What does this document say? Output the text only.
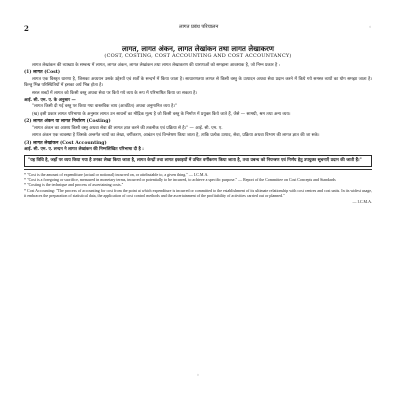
2	लागत प्रबंध परिचालन	◦
लागत, लागत अंकन, लागत लेखांकन तथा लागत लेखाकरण
(COST, COSTING, COST ACCOUNTING AND COST ACCOUNTANCY)

लागत लेखांकन की व्याख्या के सम्बन्ध में लागत, लागत अंकन, लागत लेखांकन तथा लागत लेखाकरण की धारणाओं को समझना आवश्यक है, जो निम्न प्रकार है :

(1) लागत (Cost)

लागत एक विस्तृत धारणा है, जिसका अध्ययन उसके उद्देश्यों एवं शर्तों के सन्दर्भ में किया जाता है। साधारणतया लागत से किसी वस्तु के उत्पादन अथवा सेवा प्रदान करने में किये गये समस्त व्ययों का योग समझा जाता है। किन्तु भिन्न परिस्थितियों में इसका अर्थ भिन्न होता है।

सरल शब्दों में लागत को किसी वस्तु अथवा सेवा पर किये गये व्यय के रूप में परिभाषित किया जा सकता है।

आई. सी. एम. ए. के अनुसार —

"लागत किसी दी गई वस्तु पर किया गया वास्तविक व्यय (आवंटित) अथवा अनुमानित व्यय है।"

(ख) इसी प्रकार लागत परिभाषा के अनुसार लागत उन साधनों का मौद्रिक मूल्य है जो किसी वस्तु के निर्माण में प्रयुक्त किये जाते हैं, जैसे — सामग्री, श्रम तथा अन्य व्यय।

(2) लागत अंकन या लागत निर्धारण (Costing)

"लागत अंकन का आशय किसी वस्तु अथवा सेवा की लागत ज्ञात करने की तकनीक एवं प्रक्रिया से है।" — आई. सी. एम. ए.

लागत अंकन एक व्यवस्था है जिसके अन्तर्गत व्ययों का लेखा, वर्गीकरण, आबंटन एवं विश्लेषण किया जाता है, ताकि प्रत्येक उत्पाद, सेवा, प्रक्रिया अथवा विभाग की लागत ज्ञात की जा सके।

(3) लागत लेखांकन (Cost Accounting)
आई. सी. एम. ए. लन्दन ने लागत लेखांकन की निम्नलिखित परिभाषा दी है :
"यह विधि है, जहाँ पर व्यय किया गया है उनका लेखा किया जाता है, लागत केन्द्रों तथा लागत इकाइयों में उचित वर्गीकरण किया जाता है, तथा प्रबन्ध को नियन्त्रण एवं निर्णय हेतु उपयुक्त सूचनाएँ प्रदान की जाती हैं।"

* "Cost is the amount of expenditure (actual or notional) incurred on, or attributable to, a given thing." — I.C.M.A.

* "Cost is a foregoing or sacrifice, measured in monetary terms, incurred or potentially to be incurred, to achieve a specific purpose." — Report of the Committee on Cost Concepts and Standards

* "Costing is the technique and process of ascertaining costs."

* Cost Accounting: "The process of accounting for cost from the point at which expenditure is incurred or committed to the establishment of its ultimate relationship with cost centres and cost units. In its widest usage, it embraces the preparation of statistical data, the application of cost control methods and the ascertainment of the profitability of activities carried out or planned."

— I.C.M.A.
◦
